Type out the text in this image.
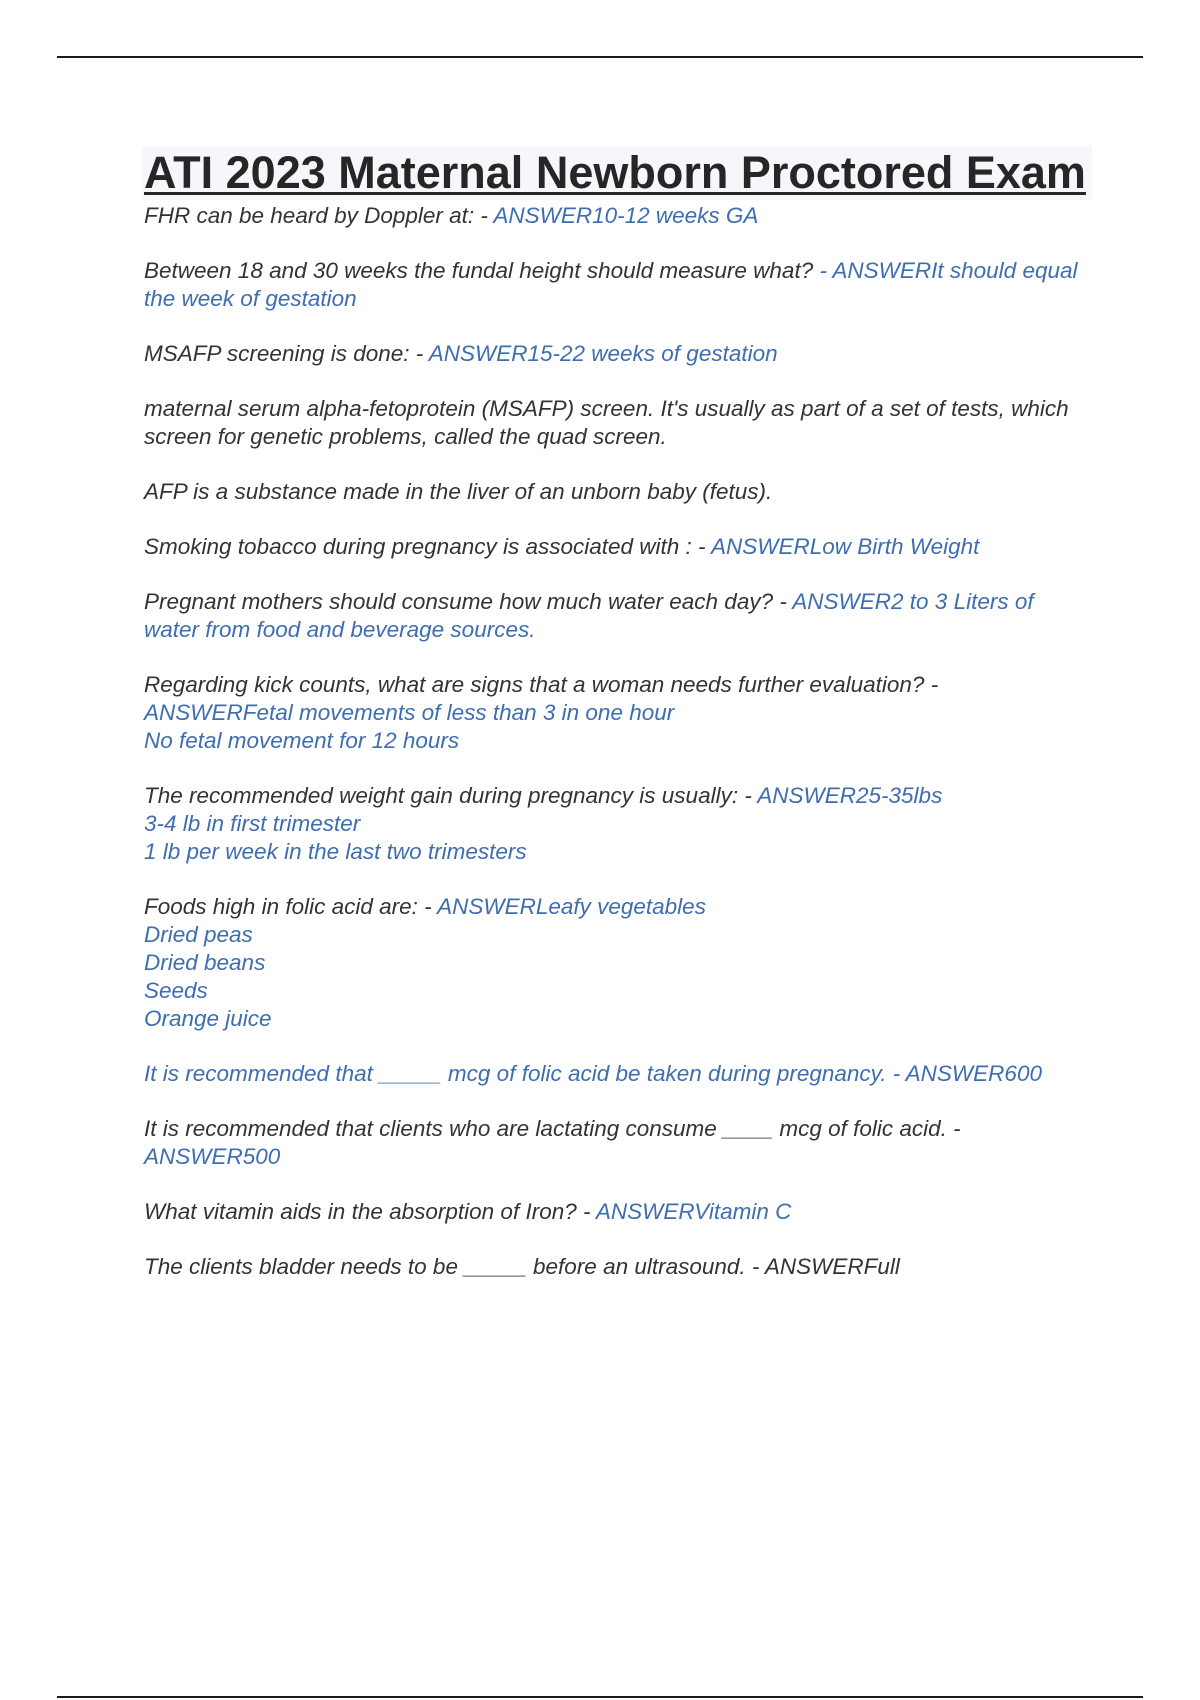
ATI 2023 Maternal Newborn Proctored Exam

FHR can be heard by Doppler at: - ANSWER10-12 weeks GA

Between 18 and 30 weeks the fundal height should measure what? - ANSWERIt should equal the week of gestation

MSAFP screening is done: - ANSWER15-22 weeks of gestation

maternal serum alpha-fetoprotein (MSAFP) screen. It's usually as part of a set of tests, which screen for genetic problems, called the quad screen.

AFP is a substance made in the liver of an unborn baby (fetus).

Smoking tobacco during pregnancy is associated with : - ANSWERLow Birth Weight

Pregnant mothers should consume how much water each day? - ANSWER2 to 3 Liters of water from food and beverage sources.

Regarding kick counts, what are signs that a woman needs further evaluation? -
ANSWERFetal movements of less than 3 in one hour
No fetal movement for 12 hours

The recommended weight gain during pregnancy is usually: - ANSWER25-35lbs
3-4 lb in first trimester
1 lb per week in the last two trimesters

Foods high in folic acid are: - ANSWERLeafy vegetables
Dried peas
Dried beans
Seeds
Orange juice

It is recommended that _____ mcg of folic acid be taken during pregnancy. - ANSWER600

It is recommended that clients who are lactating consume ____ mcg of folic acid. - ANSWER500

What vitamin aids in the absorption of Iron? - ANSWERVitamin C

The clients bladder needs to be _____ before an ultrasound. - ANSWERFull
